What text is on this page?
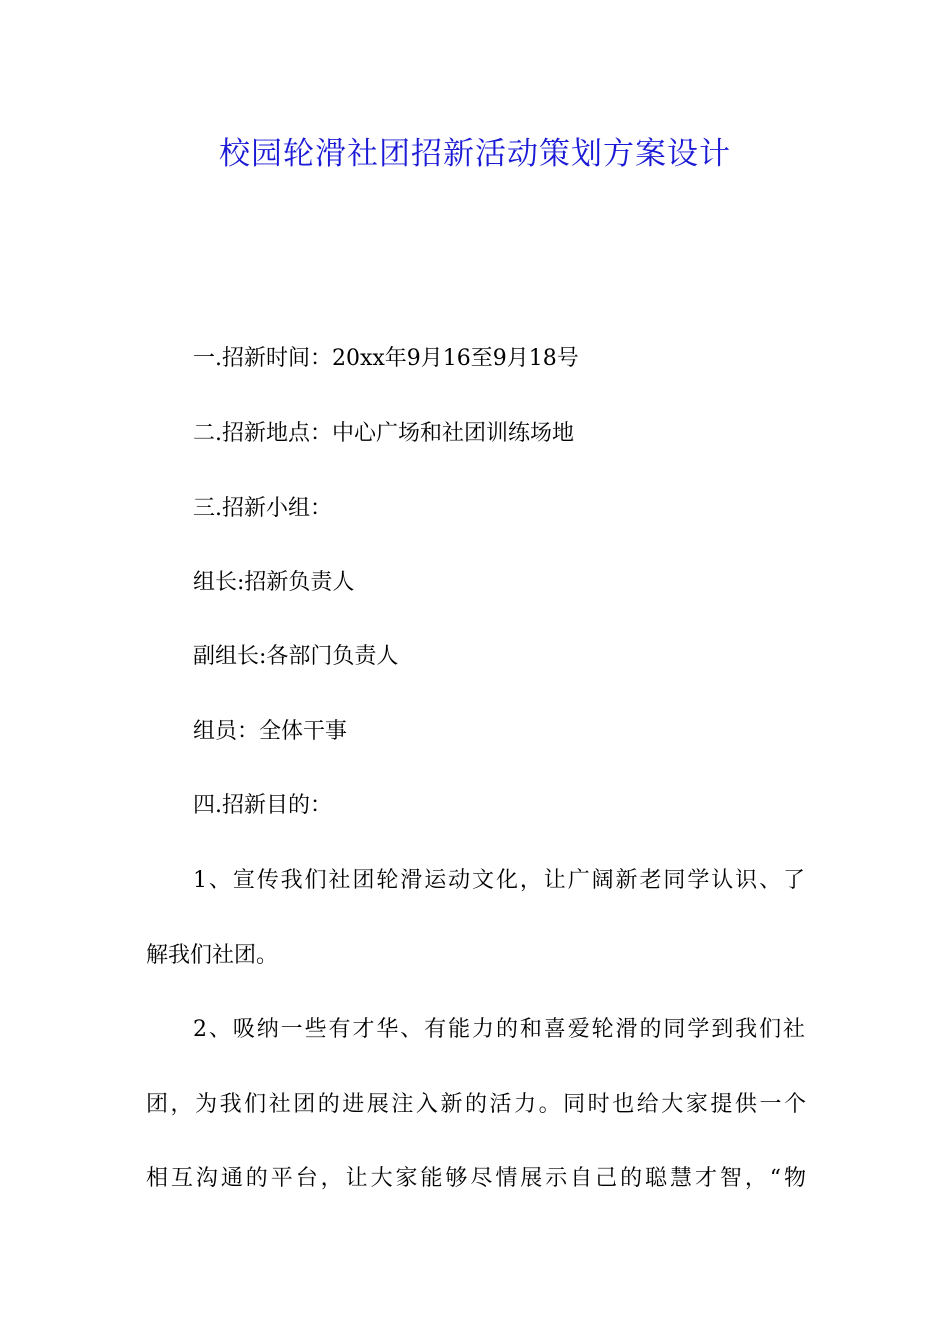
校园轮滑社团招新活动策划方案设计
一.招新时间：20xx年9月16至9月18号
二.招新地点：中心广场和社团训练场地
三.招新小组：
组长:招新负责人
副组长:各部门负责人
组员：全体干事
四.招新目的：
1、宣传我们社团轮滑运动文化，让广阔新老同学认识、了
解我们社团。
2、吸纳一些有才华、有能力的和喜爱轮滑的同学到我们社
团，为我们社团的进展注入新的活力。同时也给大家提供一个
相互沟通的平台，让大家能够尽情展示自己的聪慧才智，“物
